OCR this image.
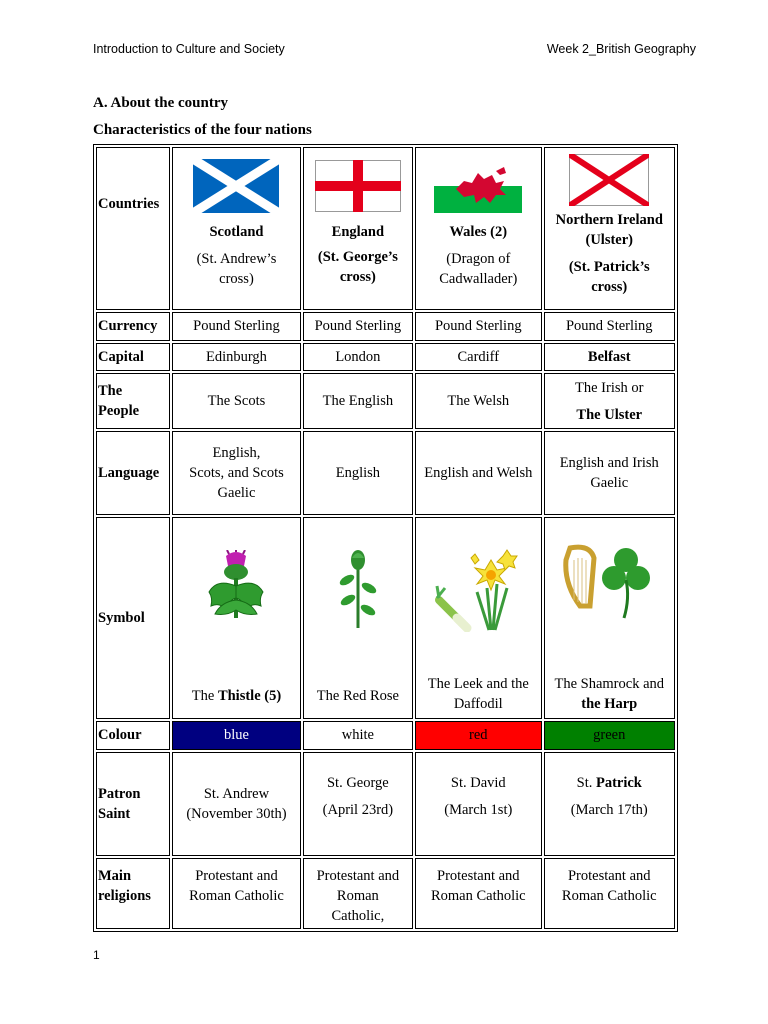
Introduction to Culture and Society	Week 2_British Geography
A. About the country
Characteristics of the four nations
Countries	Scotland
(St. Andrew’s
cross)	England
(St. George’s
cross)	Wales (2)
(Dragon of
Cadwallader)	Northern Ireland
(Ulster)
(St. Patrick’s
cross)

Currency	Pound Sterling	Pound Sterling	Pound Sterling	Pound Sterling
Capital	Edinburgh	London	Cardiff	Belfast

The
People	The Scots	The English	The Welsh	The Irish or
The Ulster

Language	English,
Scots, and Scots
Gaelic	English	English and Welsh	English and Irish
Gaelic

Symbol	The Thistle (5)	The Red Rose	The Leek and the
Daffodil	The Shamrock and
the Harp

Colour	blue	white	red	green

Patron
Saint	St. Andrew
(November 30th)	St. George
(April 23rd)	St. David
(March 1st)	St. Patrick
(March 17th)

Main
religions	Protestant and
Roman Catholic	Protestant and
Roman
Catholic,	Protestant and
Roman Catholic	Protestant and
Roman Catholic
1
